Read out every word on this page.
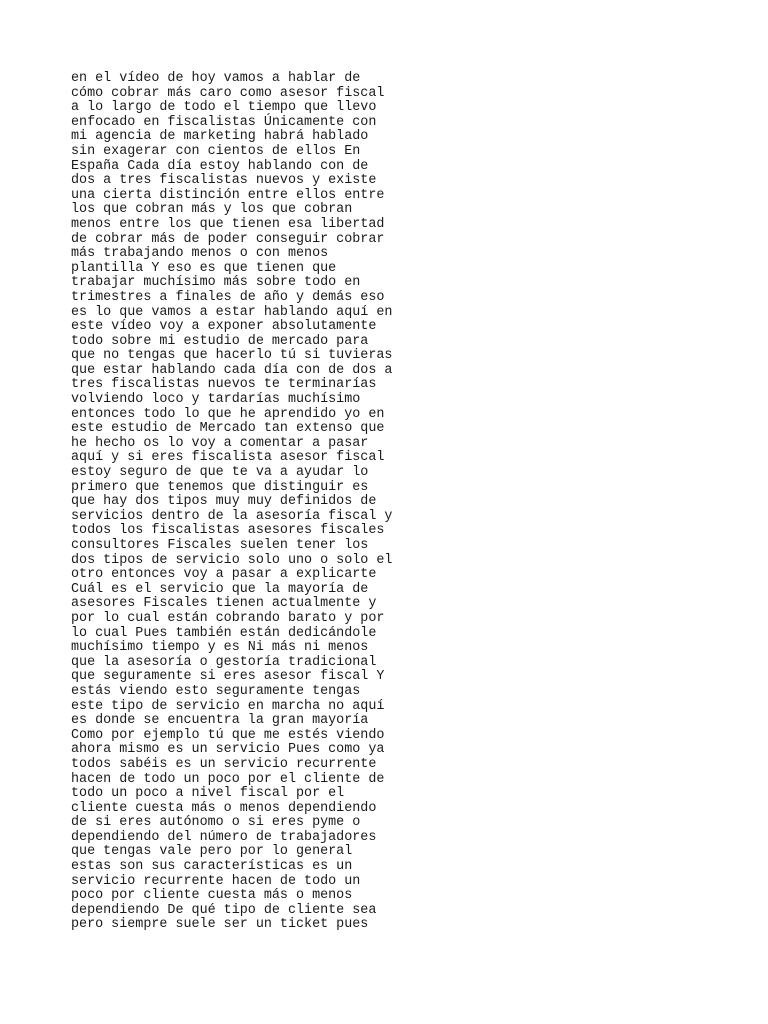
en el vídeo de hoy vamos a hablar de
cómo cobrar más caro como asesor fiscal
a lo largo de todo el tiempo que llevo
enfocado en fiscalistas Únicamente con
mi agencia de marketing habrá hablado
sin exagerar con cientos de ellos En
España Cada día estoy hablando con de
dos a tres fiscalistas nuevos y existe
una cierta distinción entre ellos entre
los que cobran más y los que cobran
menos entre los que tienen esa libertad
de cobrar más de poder conseguir cobrar
más trabajando menos o con menos
plantilla Y eso es que tienen que
trabajar muchísimo más sobre todo en
trimestres a finales de año y demás eso
es lo que vamos a estar hablando aquí en
este vídeo voy a exponer absolutamente
todo sobre mi estudio de mercado para
que no tengas que hacerlo tú si tuvieras
que estar hablando cada día con de dos a
tres fiscalistas nuevos te terminarías
volviendo loco y tardarías muchísimo
entonces todo lo que he aprendido yo en
este estudio de Mercado tan extenso que
he hecho os lo voy a comentar a pasar
aquí y si eres fiscalista asesor fiscal
estoy seguro de que te va a ayudar lo
primero que tenemos que distinguir es
que hay dos tipos muy muy definidos de
servicios dentro de la asesoría fiscal y
todos los fiscalistas asesores fiscales
consultores Fiscales suelen tener los
dos tipos de servicio solo uno o solo el
otro entonces voy a pasar a explicarte
Cuál es el servicio que la mayoría de
asesores Fiscales tienen actualmente y
por lo cual están cobrando barato y por
lo cual Pues también están dedicándole
muchísimo tiempo y es Ni más ni menos
que la asesoría o gestoría tradicional
que seguramente si eres asesor fiscal Y
estás viendo esto seguramente tengas
este tipo de servicio en marcha no aquí
es donde se encuentra la gran mayoría
Como por ejemplo tú que me estés viendo
ahora mismo es un servicio Pues como ya
todos sabéis es un servicio recurrente
hacen de todo un poco por el cliente de
todo un poco a nivel fiscal por el
cliente cuesta más o menos dependiendo
de si eres autónomo o si eres pyme o
dependiendo del número de trabajadores
que tengas vale pero por lo general
estas son sus características es un
servicio recurrente hacen de todo un
poco por cliente cuesta más o menos
dependiendo De qué tipo de cliente sea
pero siempre suele ser un ticket pues
